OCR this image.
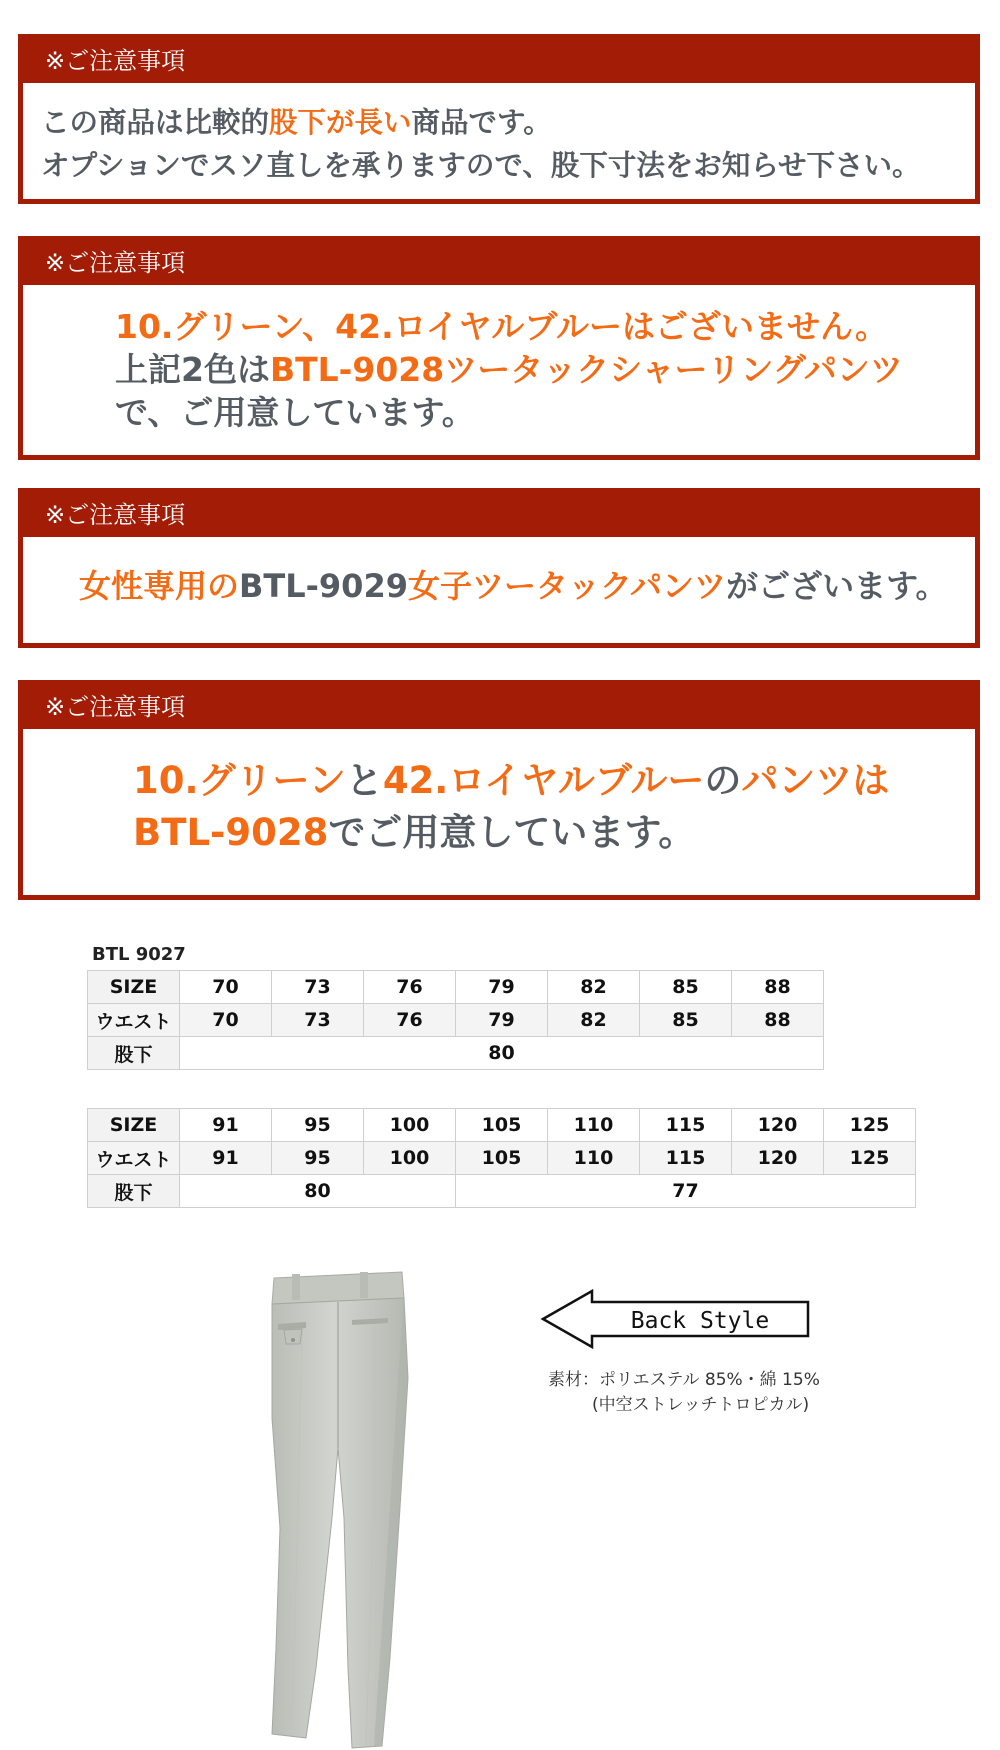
※ご注意事項
この商品は比較的股下が長い商品です。
オプションでスソ直しを承りますので、股下寸法をお知らせ下さい。
※ご注意事項
10.グリーン、42.ロイヤルブルーはございません。
上記2色はBTL-9028ツータックシャーリングパンツ
で、ご用意しています。
※ご注意事項
女性専用のBTL-9029女子ツータックパンツがございます。
※ご注意事項
10.グリーンと42.ロイヤルブルーのパンツは
BTL-9028でご用意しています。
BTL 9027
SIZE	70	73	76	79	82	85	88
ウエスト	70	73	76	79	82	85	88
股下	80						
SIZE	91	95	100	105	110	115	120	125
ウエスト	91	95	100	105	110	115	120	125
股下	80			77				
Back Style
素材：ポリエステル 85%・綿 15%
(中空ストレッチトロピカル)
